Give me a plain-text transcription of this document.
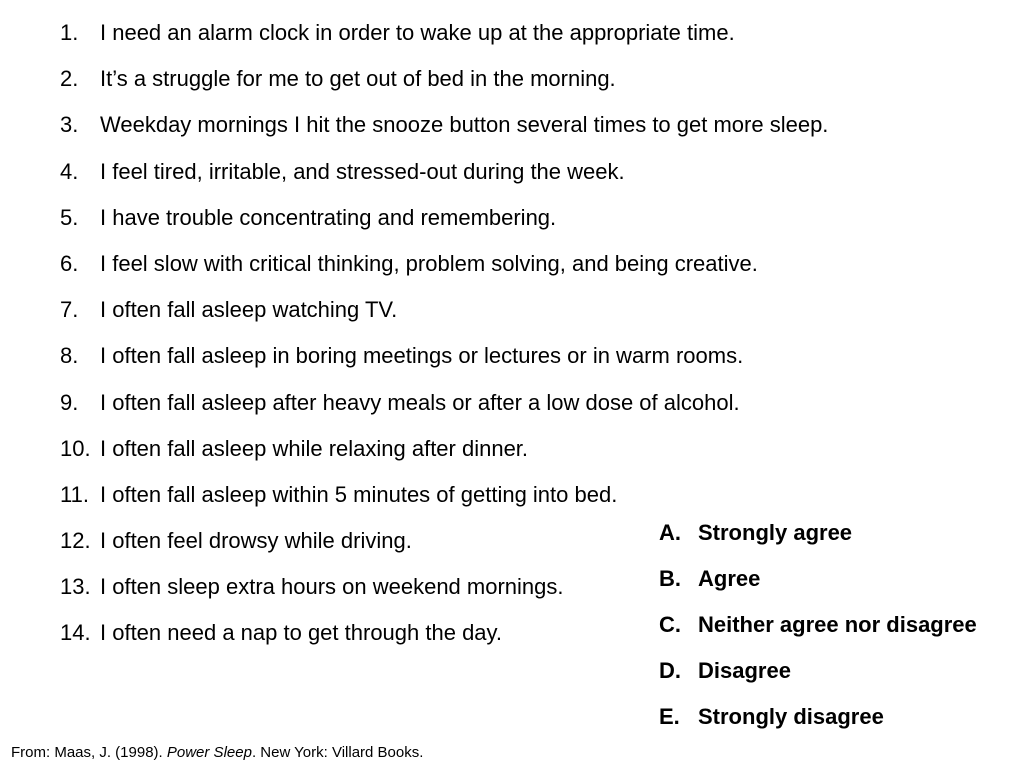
1. I need an alarm clock in order to wake up at the appropriate time.
2. It’s a struggle for me to get out of bed in the morning.
3. Weekday mornings I hit the snooze button several times to get more sleep.
4. I feel tired, irritable, and stressed-out during the week.
5. I have trouble concentrating and remembering.
6. I feel slow with critical thinking, problem solving, and being creative.
7. I often fall asleep watching TV.
8. I often fall asleep in boring meetings or lectures or in warm rooms.
9. I often fall asleep after heavy meals or after a low dose of alcohol.
10. I often fall asleep while relaxing after dinner.
11. I often fall asleep within 5 minutes of getting into bed.
12. I often feel drowsy while driving.
13. I often sleep extra hours on weekend mornings.
14. I often need a nap to get through the day.
A. Strongly agree
B. Agree
C. Neither agree nor disagree
D. Disagree
E. Strongly disagree
From: Maas, J. (1998). Power Sleep. New York: Villard Books.
